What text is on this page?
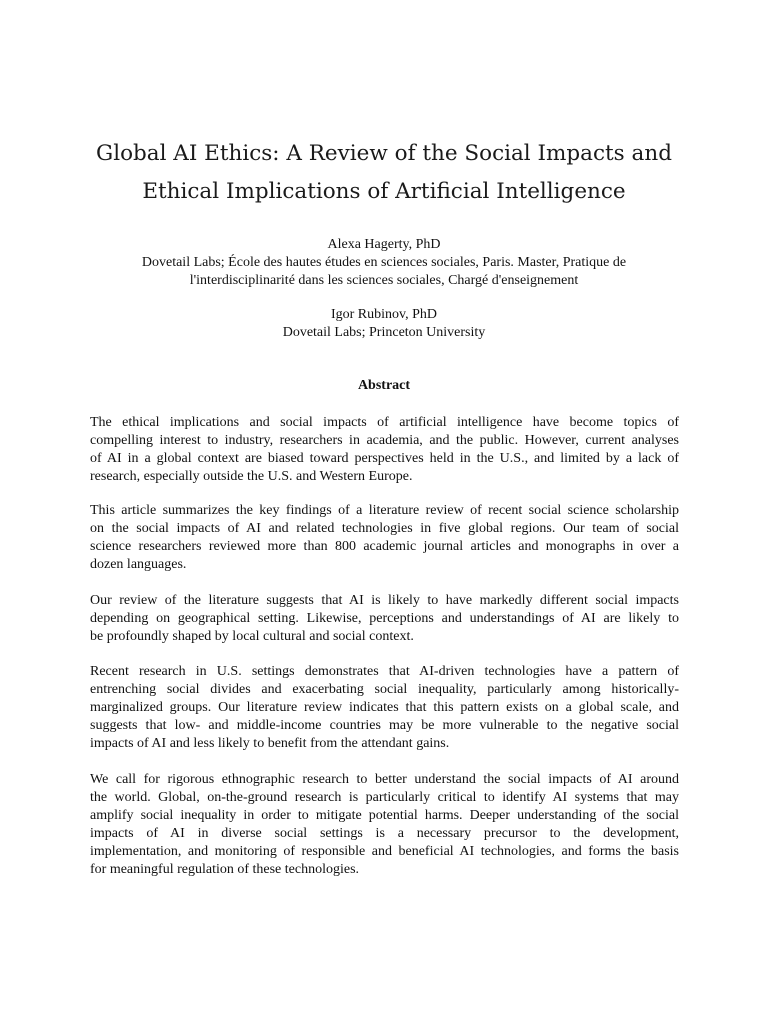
Global AI Ethics: A Review of the Social Impacts and
Ethical Implications of Artificial Intelligence
Alexa Hagerty, PhD
Dovetail Labs; École des hautes études en sciences sociales, Paris. Master, Pratique de
l'interdisciplinarité dans les sciences sociales, Chargé d'enseignement
Igor Rubinov, PhD
Dovetail Labs; Princeton University
Abstract
The ethical implications and social impacts of artificial intelligence have become topics of
compelling interest to industry, researchers in academia, and the public. However, current analyses
of AI in a global context are biased toward perspectives held in the U.S., and limited by a lack of
research, especially outside the U.S. and Western Europe.
This article summarizes the key findings of a literature review of recent social science scholarship
on the social impacts of AI and related technologies in five global regions. Our team of social
science researchers reviewed more than 800 academic journal articles and monographs in over a
dozen languages.
Our review of the literature suggests that AI is likely to have markedly different social impacts
depending on geographical setting. Likewise, perceptions and understandings of AI are likely to
be profoundly shaped by local cultural and social context.
Recent research in U.S. settings demonstrates that AI-driven technologies have a pattern of
entrenching social divides and exacerbating social inequality, particularly among historically-
marginalized groups. Our literature review indicates that this pattern exists on a global scale, and
suggests that low- and middle-income countries may be more vulnerable to the negative social
impacts of AI and less likely to benefit from the attendant gains.
We call for rigorous ethnographic research to better understand the social impacts of AI around
the world. Global, on-the-ground research is particularly critical to identify AI systems that may
amplify social inequality in order to mitigate potential harms. Deeper understanding of the social
impacts of AI in diverse social settings is a necessary precursor to the development,
implementation, and monitoring of responsible and beneficial AI technologies, and forms the basis
for meaningful regulation of these technologies.
